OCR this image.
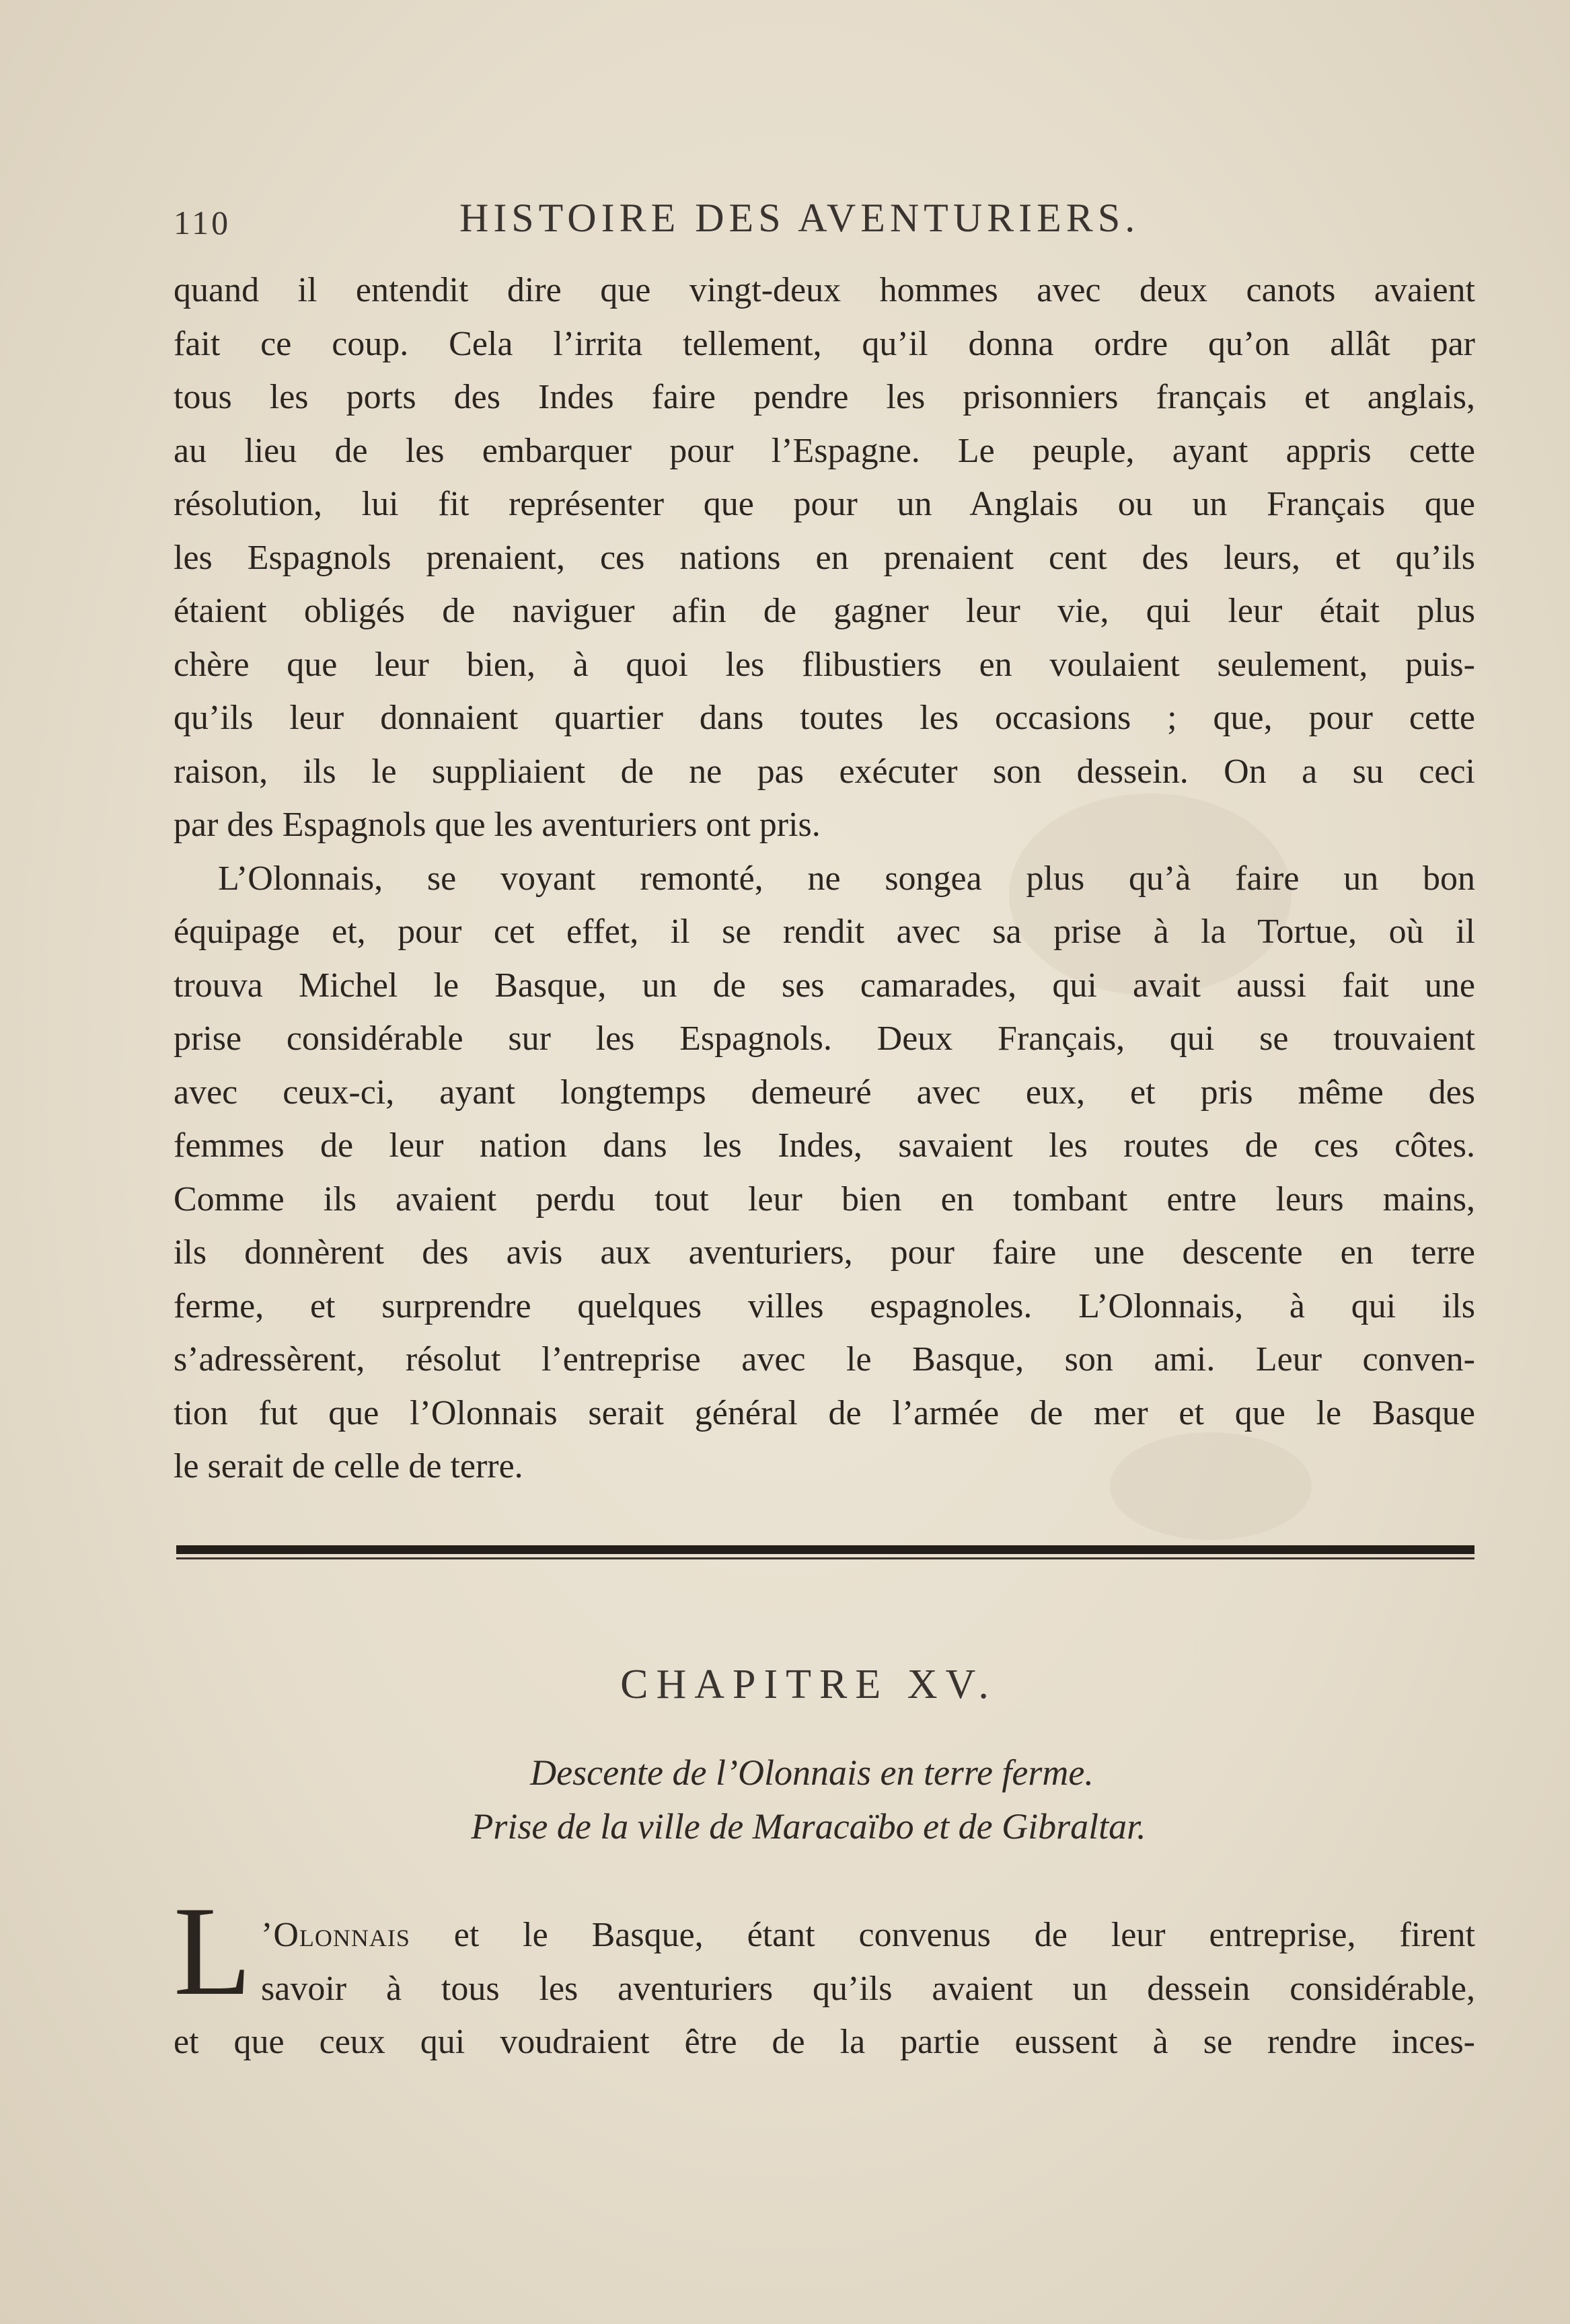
110	HISTOIRE DES AVENTURIERS.
quand il entendit dire que vingt-deux hommes avec deux canots avaient
fait ce coup. Cela l’irrita tellement, qu’il donna ordre qu’on allât par
tous les ports des Indes faire pendre les prisonniers français et anglais,
au lieu de les embarquer pour l’Espagne. Le peuple, ayant appris cette
résolution, lui fit représenter que pour un Anglais ou un Français que
les Espagnols prenaient, ces nations en prenaient cent des leurs, et qu’ils
étaient obligés de naviguer afin de gagner leur vie, qui leur était plus
chère que leur bien, à quoi les flibustiers en voulaient seulement, puis-
qu’ils leur donnaient quartier dans toutes les occasions ; que, pour cette
raison, ils le suppliaient de ne pas exécuter son dessein. On a su ceci
par des Espagnols que les aventuriers ont pris.
L’Olonnais, se voyant remonté, ne songea plus qu’à faire un bon
équipage et, pour cet effet, il se rendit avec sa prise à la Tortue, où il
trouva Michel le Basque, un de ses camarades, qui avait aussi fait une
prise considérable sur les Espagnols. Deux Français, qui se trouvaient
avec ceux-ci, ayant longtemps demeuré avec eux, et pris même des
femmes de leur nation dans les Indes, savaient les routes de ces côtes.
Comme ils avaient perdu tout leur bien en tombant entre leurs mains,
ils donnèrent des avis aux aventuriers, pour faire une descente en terre
ferme, et surprendre quelques villes espagnoles. L’Olonnais, à qui ils
s’adressèrent, résolut l’entreprise avec le Basque, son ami. Leur conven-
tion fut que l’Olonnais serait général de l’armée de mer et que le Basque
le serait de celle de terre.
CHAPITRE XV.
Descente de l’Olonnais en terre ferme.
Prise de la ville de Maracaïbo et de Gibraltar.
L ’Olonnais et le Basque, étant convenus de leur entreprise, firent
savoir à tous les aventuriers qu’ils avaient un dessein considérable,
et que ceux qui voudraient être de la partie eussent à se rendre inces-
